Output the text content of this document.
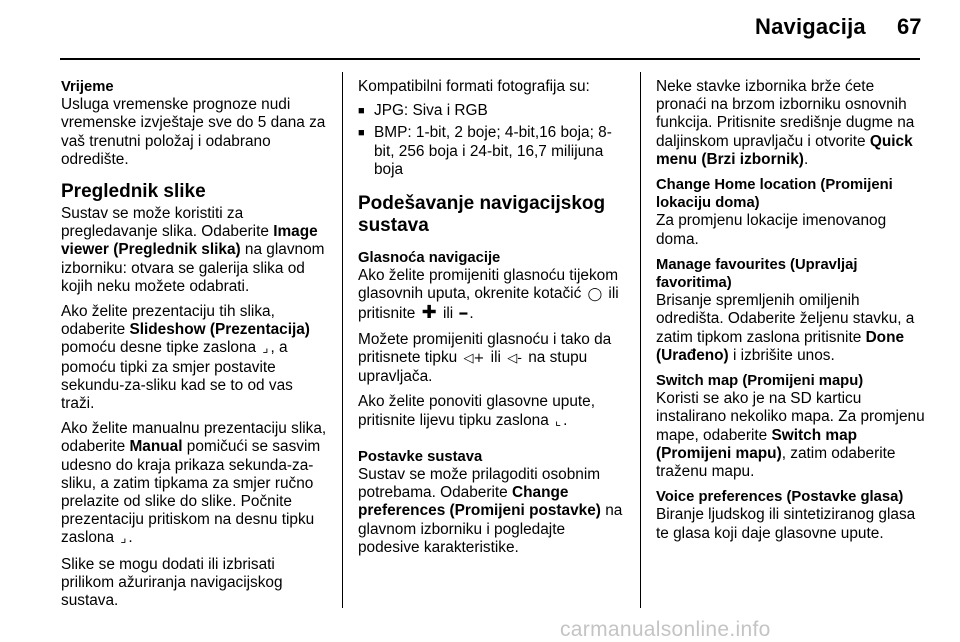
Navigacija 67
Vrijeme

Usluga vremenske prognoze nudi vremenske izvještaje sve do 5 dana za vaš trenutni položaj i odabrano odredište.

Preglednik slike

Sustav se može koristiti za pregledavanje slika. Odaberite Image viewer (Preglednik slika) na glavnom izborniku: otvara se galerija slika od kojih neku možete odabrati.

Ako želite prezentaciju tih slika, odaberite Slideshow (Prezentacija) pomoću desne tipke zaslona ⌟ , a pomoću tipki za smjer postavite sekundu-za-sliku kad se to od vas traži.

Ako želite manualnu prezentaciju slika, odaberite Manual pomičući se sasvim udesno do kraja prikaza sekunda-za-sliku, a zatim tipkama za smjer ručno prelazite od slike do slike. Počnite prezentaciju pritiskom na desnu tipku zaslona ⌟ .

Slike se mogu dodati ili izbrisati prilikom ažuriranja navigacijskog sustava.

Kompatibilni formati fotografija su:

■ JPG: Siva i RGB
■ BMP: 1-bit, 2 boje; 4-bit,16 boja; 8-bit, 256 boja i 24-bit, 16,7 milijuna boja
Podešavanje navigacijskog sustava
Glasnoća navigacije

Ako želite promijeniti glasnoću tijekom glasovnih uputa, okrenite kotačić ◯ ili pritisnite ✚ ili ━ .

Možete promijeniti glasnoću i tako da pritisnete tipku ◁+ ili ◁- na stupu upravljača.

Ako želite ponoviti glasovne upute, pritisnite lijevu tipku zaslona ⌞ .

Postavke sustava

Sustav se može prilagoditi osobnim potrebama. Odaberite Change preferences (Promijeni postavke) na glavnom izborniku i pogledajte podesive karakteristike.

Neke stavke izbornika brže ćete pronaći na brzom izborniku osnovnih funkcija. Pritisnite središnje dugme na daljinskom upravljaču i otvorite Quick menu (Brzi izbornik).

Change Home location (Promijeni lokaciju doma)

Za promjenu lokacije imenovanog doma.

Manage favourites (Upravljaj favoritima)

Brisanje spremljenih omiljenih odredišta. Odaberite željenu stavku, a zatim tipkom zaslona pritisnite Done (Urađeno) i izbrišite unos.

Switch map (Promijeni mapu)

Koristi se ako je na SD karticu instalirano nekoliko mapa. Za promjenu mape, odaberite Switch map (Promijeni mapu), zatim odaberite traženu mapu.

Voice preferences (Postavke glasa)

Biranje ljudskog ili sintetiziranog glasa te glasa koji daje glasovne upute.

carmanualsonline.info
